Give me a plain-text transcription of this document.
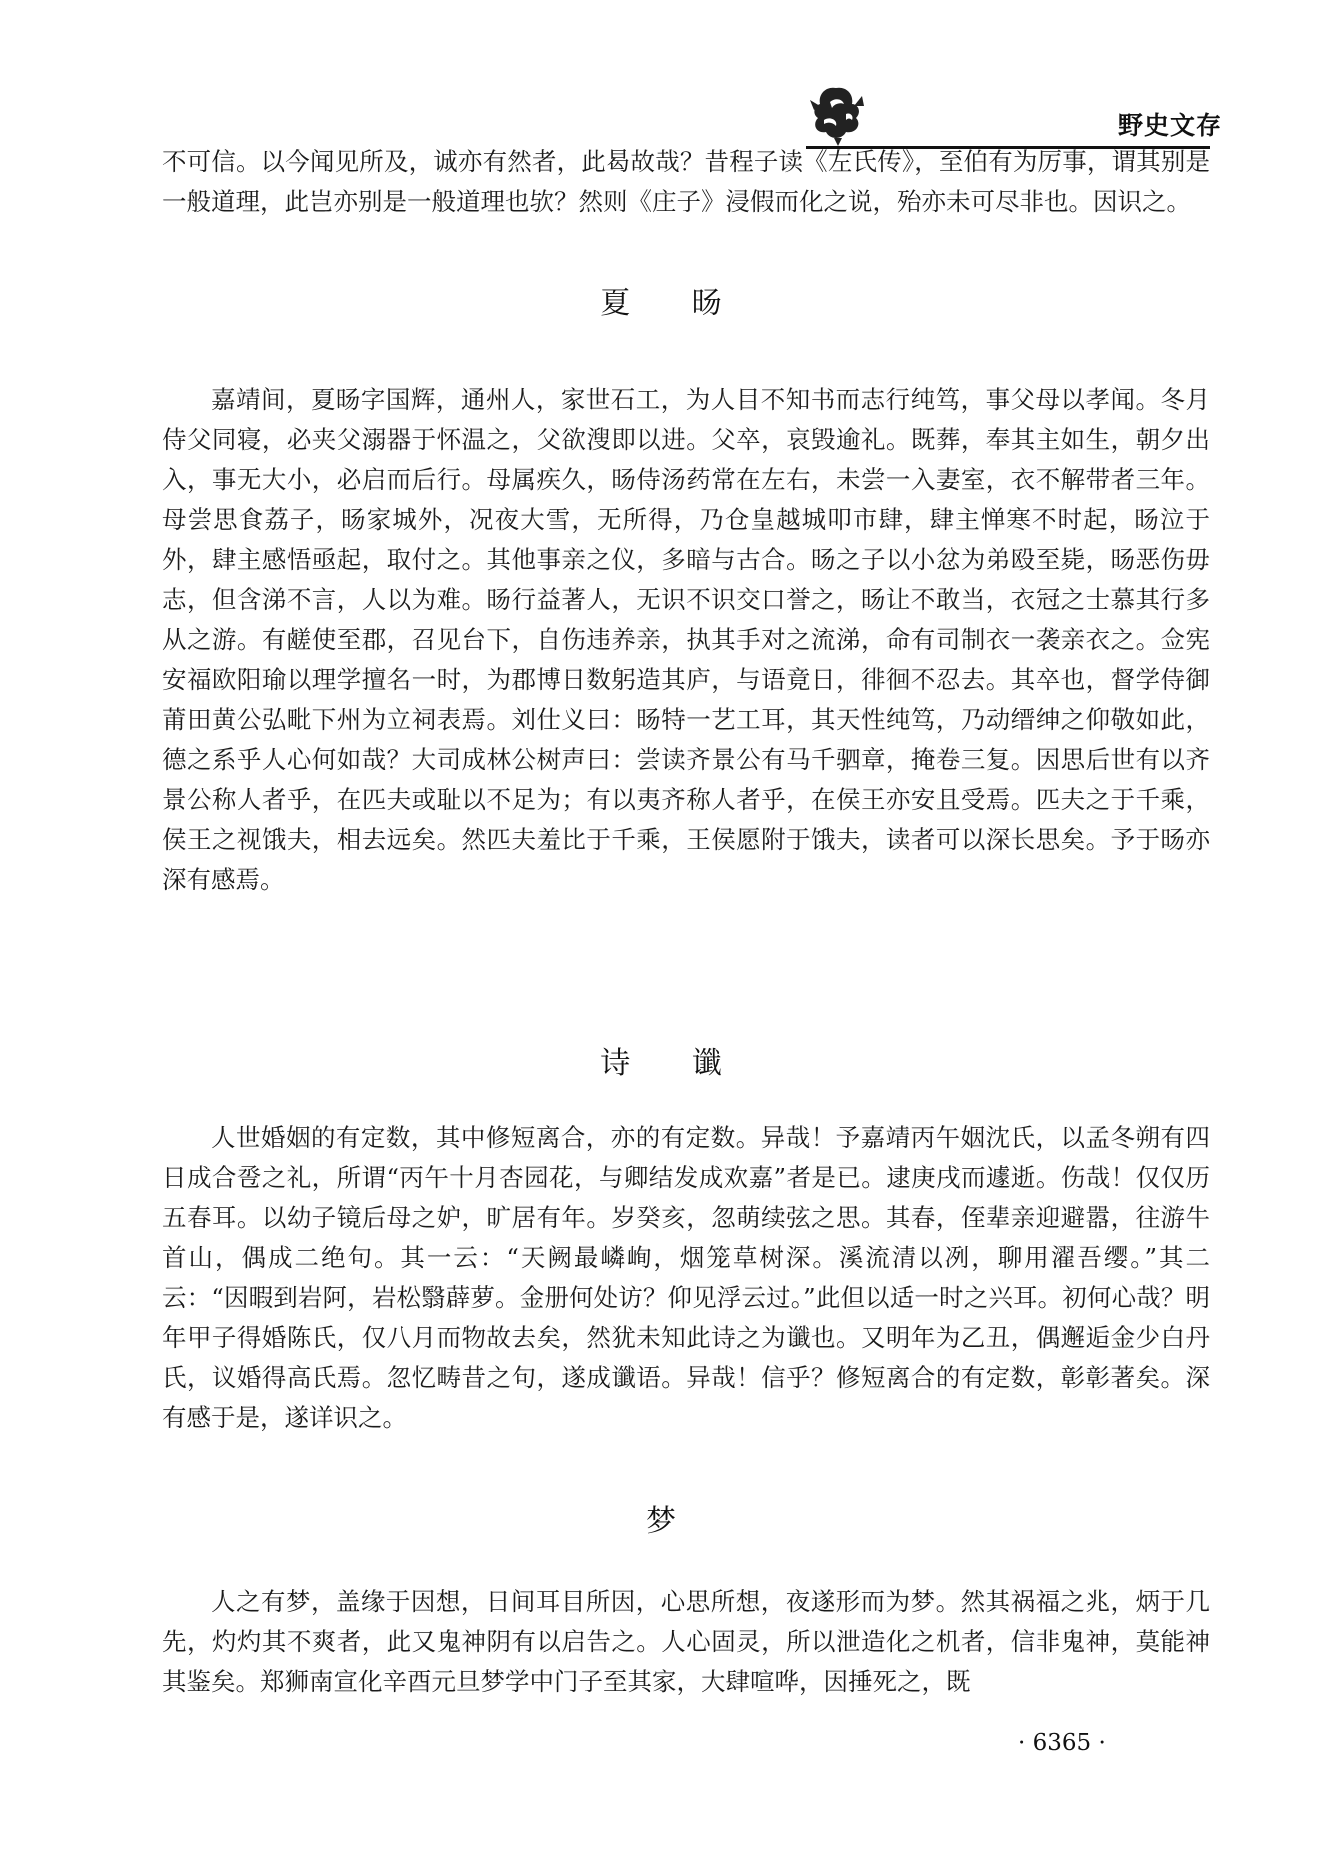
野史文存

不可信。以今闻见所及，诚亦有然者，此曷故哉？昔程子读《左氏传》，至伯有为厉事，谓其别是一般道理，此岂亦别是一般道理也欤？然则《庄子》浸假而化之说，殆亦未可尽非也。因识之。

夏 旸

嘉靖间，夏旸字国辉，通州人，家世石工，为人目不知书而志行纯笃，事父母以孝闻。冬月侍父同寝，必夹父溺器于怀温之，父欲溲即以进。父卒，哀毁逾礼。既葬，奉其主如生，朝夕出入，事无大小，必启而后行。母属疾久，旸侍汤药常在左右，未尝一入妻室，衣不解带者三年。母尝思食荔子，旸家城外，况夜大雪，无所得，乃仓皇越城叩市肆，肆主惮寒不时起，旸泣于外，肆主感悟亟起，取付之。其他事亲之仪，多暗与古合。旸之子以小忿为弟殴至毙，旸恶伤毋志，但含涕不言，人以为难。旸行益著人，无识不识交口誉之，旸让不敢当，衣冠之士慕其行多从之游。有鹾使至郡，召见台下，自伤违养亲，执其手对之流涕，命有司制衣一袭亲衣之。佥宪安福欧阳瑜以理学擅名一时，为郡博日数躬造其庐，与语竟日，徘徊不忍去。其卒也，督学侍御莆田黄公弘毗下州为立祠表焉。刘仕义曰：旸特一艺工耳，其天性纯笃，乃动缙绅之仰敬如此，德之系乎人心何如哉？大司成林公树声曰：尝读齐景公有马千驷章，掩卷三复。因思后世有以齐景公称人者乎，在匹夫或耻以不足为；有以夷齐称人者乎，在侯王亦安且受焉。匹夫之于千乘，侯王之视饿夫，相去远矣。然匹夫羞比于千乘，王侯愿附于饿夫，读者可以深长思矣。予于旸亦深有感焉。

诗 谶

人世婚姻的有定数，其中修短离合，亦的有定数。异哉！予嘉靖丙午姻沈氏，以孟冬朔有四日成合卺之礼，所谓“丙午十月杏园花，与卿结发成欢嘉”者是已。逮庚戌而遽逝。伤哉！仅仅历五春耳。以幼子镜后母之妒，旷居有年。岁癸亥，忽萌续弦之思。其春，侄辈亲迎避嚣，往游牛首山，偶成二绝句。其一云：“天阙最嶙峋，烟笼草树深。溪流清以冽，聊用濯吾缨。”其二云：“因暇到岩阿，岩松翳薜萝。金册何处访？仰见浮云过。”此但以适一时之兴耳。初何心哉？明年甲子得婚陈氏，仅八月而物故去矣，然犹未知此诗之为谶也。又明年为乙丑，偶邂逅金少白丹氏，议婚得高氏焉。忽忆畴昔之句，遂成谶语。异哉！信乎？修短离合的有定数，彰彰著矣。深有感于是，遂详识之。

梦

人之有梦，盖缘于因想，日间耳目所因，心思所想，夜遂形而为梦。然其祸福之兆，炳于几先，灼灼其不爽者，此又鬼神阴有以启告之。人心固灵，所以泄造化之机者，信非鬼神，莫能神其鉴矣。郑狮南宣化辛酉元旦梦学中门子至其家，大肆喧哗，因捶死之，既

· 6365 ·
